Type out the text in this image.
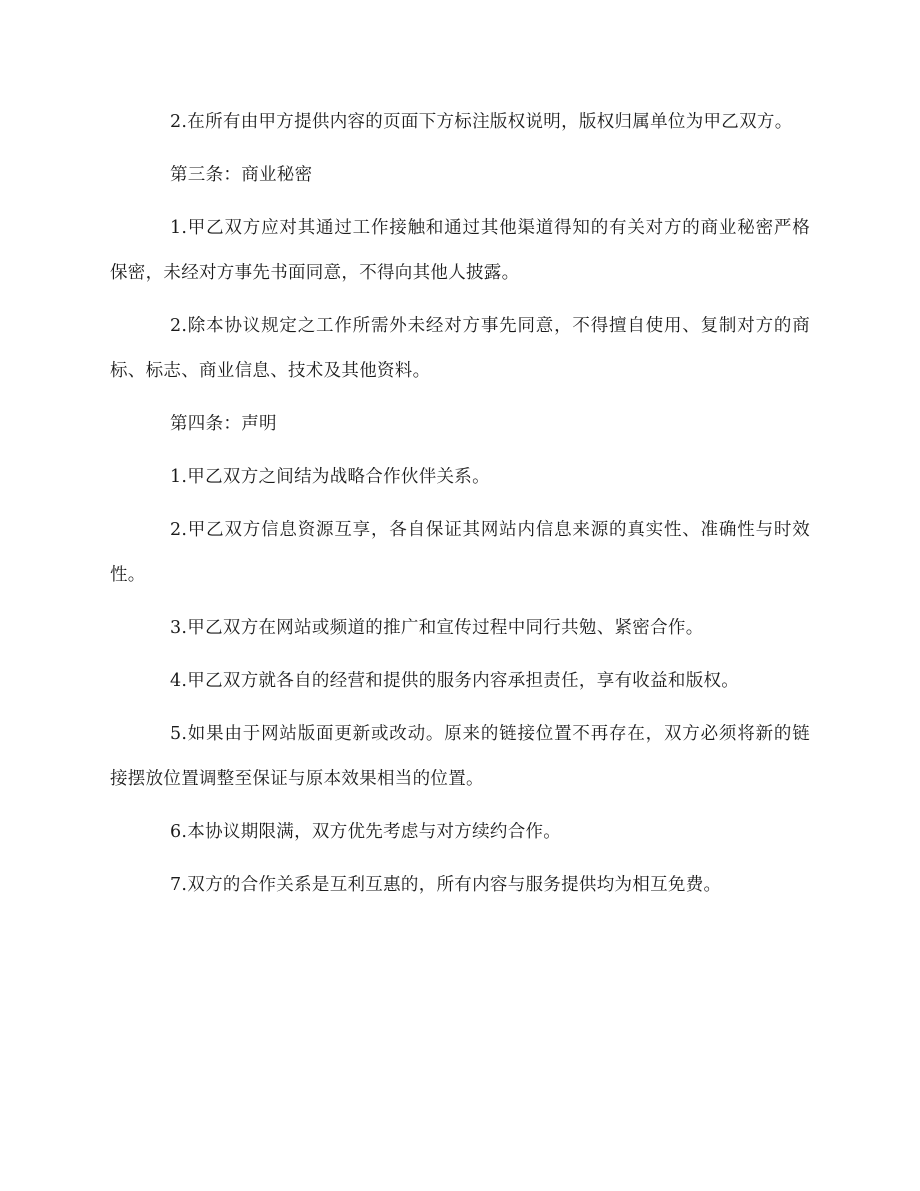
2.在所有由甲方提供内容的页面下方标注版权说明，版权归属单位为甲乙双方。

第三条：商业秘密

1.甲乙双方应对其通过工作接触和通过其他渠道得知的有关对方的商业秘密严格保密，未经对方事先书面同意，不得向其他人披露。

2.除本协议规定之工作所需外未经对方事先同意，不得擅自使用、复制对方的商标、标志、商业信息、技术及其他资料。

第四条：声明

1.甲乙双方之间结为战略合作伙伴关系。

2.甲乙双方信息资源互享，各自保证其网站内信息来源的真实性、准确性与时效性。

3.甲乙双方在网站或频道的推广和宣传过程中同行共勉、紧密合作。

4.甲乙双方就各自的经营和提供的服务内容承担责任，享有收益和版权。

5.如果由于网站版面更新或改动。原来的链接位置不再存在，双方必须将新的链接摆放位置调整至保证与原本效果相当的位置。

6.本协议期限满，双方优先考虑与对方续约合作。

7.双方的合作关系是互利互惠的，所有内容与服务提供均为相互免费。
